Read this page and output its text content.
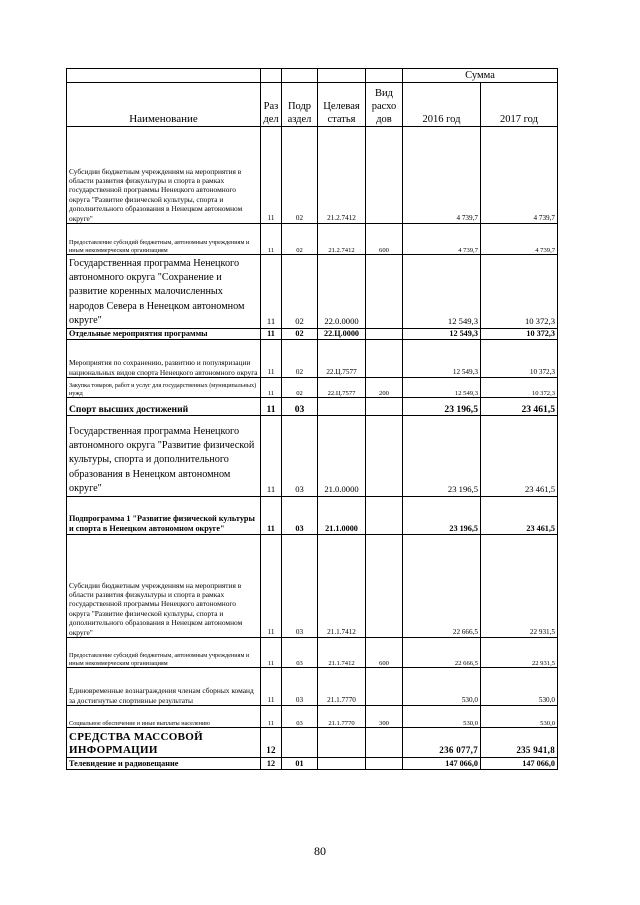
					Сумма	
Наименование	Раз дел	Подр аздел	Целевая статья	Вид расхо дов	2016 год	2017 год
Субсидии бюджетным учреждениям на мероприятия в области развития физкультуры и спорта в рамках государственной программы Ненецкого автономного округа "Развитие физической культуры, спорта и дополнительного образования в Ненецком автономном округе"	11	02	21.2.7412		4 739,7	4 739,7
Предоставление субсидий бюджетным, автономным учреждениям и иным некоммерческим организациям	11	02	21.2.7412	600	4 739,7	4 739,7
Государственная программа Ненецкого автономного округа "Сохранение и развитие коренных малочисленных народов Севера в Ненецком автономном округе"	11	02	22.0.0000		12 549,3	10 372,3
Отдельные мероприятия программы	11	02	22.Ц.0000		12 549,3	10 372,3
Мероприятия по сохранению, развитию и популяризации национальных видов спорта Ненецкого автономного округа	11	02	22.Ц.7577		12 549,3	10 372,3
Закупка товаров, работ и услуг для государственных (муниципальных) нужд	11	02	22.Ц.7577	200	12 549,3	10 372,3
Спорт высших достижений	11	03			23 196,5	23 461,5
Государственная программа Ненецкого автономного округа "Развитие физической культуры, спорта и дополнительного образования в Ненецком автономном округе"	11	03	21.0.0000		23 196,5	23 461,5
Подпрограмма 1 "Развитие физической культуры и спорта в Ненецком автономном округе"	11	03	21.1.0000		23 196,5	23 461,5
Субсидии бюджетным учреждениям на мероприятия в области развития физкультуры и спорта в рамках государственной программы Ненецкого автономного округа "Развитие физической культуры, спорта и дополнительного образования в Ненецком автономном округе"	11	03	21.1.7412		22 666,5	22 931,5
Предоставление субсидий бюджетным, автономным учреждениям и иным некоммерческим организациям	11	03	21.1.7412	600	22 666,5	22 931,5
Единовременные вознаграждения членам сборных команд за достигнутые спортивные результаты	11	03	21.1.7770		530,0	530,0
Социальное обеспечение и иные выплаты населению	11	03	21.1.7770	300	530,0	530,0
СРЕДСТВА МАССОВОЙ ИНФОРМАЦИИ	12				236 077,7	235 941,8
Телевидение и радиовещание	12	01			147 066,0	147 066,0
80
